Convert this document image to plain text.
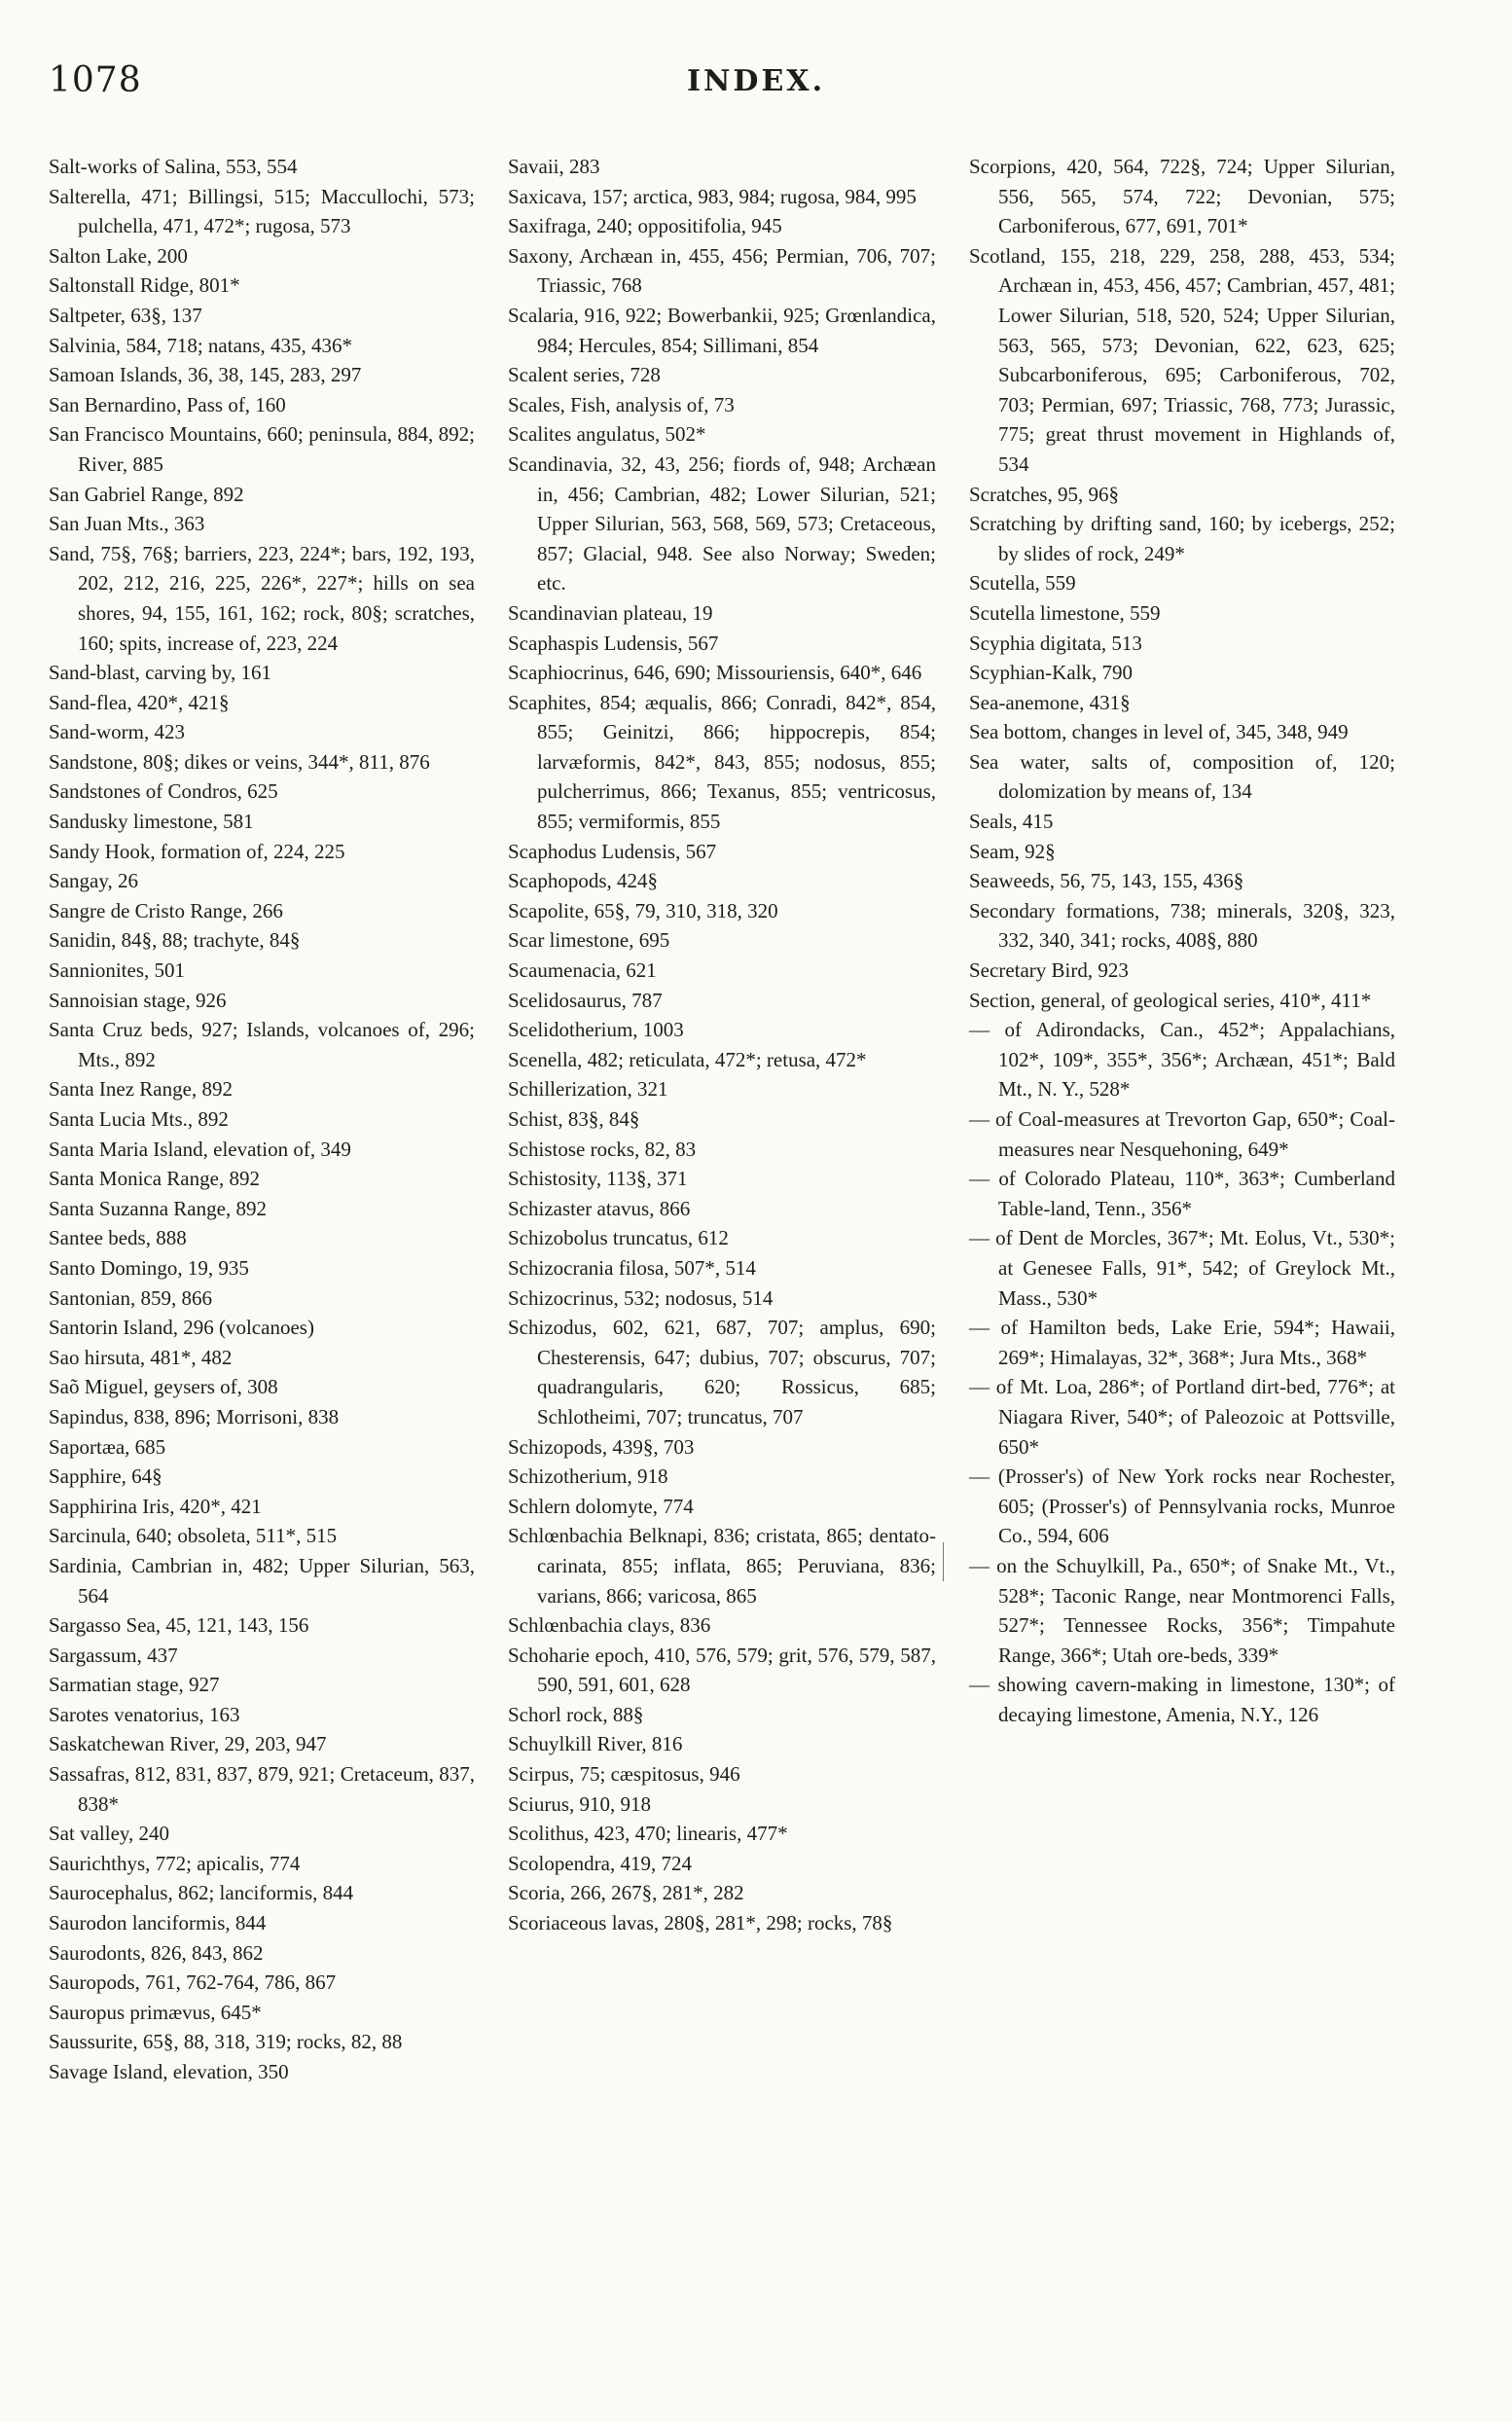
1078	INDEX.

Salt-works of Salina, 553, 554

Salterella, 471; Billingsi, 515; Maccullochi, 573; pulchella, 471, 472*; rugosa, 573

Salton Lake, 200

Saltonstall Ridge, 801*

Saltpeter, 63§, 137

Salvinia, 584, 718; natans, 435, 436*

Samoan Islands, 36, 38, 145, 283, 297

San Bernardino, Pass of, 160

San Francisco Mountains, 660; peninsula, 884, 892; River, 885

San Gabriel Range, 892

San Juan Mts., 363

Sand, 75§, 76§; barriers, 223, 224*; bars, 192, 193, 202, 212, 216, 225, 226*, 227*; hills on sea shores, 94, 155, 161, 162; rock, 80§; scratches, 160; spits, increase of, 223, 224

Sand-blast, carving by, 161

Sand-flea, 420*, 421§

Sand-worm, 423

Sandstone, 80§; dikes or veins, 344*, 811, 876

Sandstones of Condros, 625

Sandusky limestone, 581

Sandy Hook, formation of, 224, 225

Sangay, 26

Sangre de Cristo Range, 266

Sanidin, 84§, 88; trachyte, 84§

Sannionites, 501

Sannoisian stage, 926

Santa Cruz beds, 927; Islands, volcanoes of, 296; Mts., 892

Santa Inez Range, 892

Santa Lucia Mts., 892

Santa Maria Island, elevation of, 349

Santa Monica Range, 892

Santa Suzanna Range, 892

Santee beds, 888

Santo Domingo, 19, 935

Santonian, 859, 866

Santorin Island, 296 (volcanoes)

Sao hirsuta, 481*, 482

Saõ Miguel, geysers of, 308

Sapindus, 838, 896; Morrisoni, 838

Saportæa, 685

Sapphire, 64§

Sapphirina Iris, 420*, 421

Sarcinula, 640; obsoleta, 511*, 515

Sardinia, Cambrian in, 482; Upper Silurian, 563, 564

Sargasso Sea, 45, 121, 143, 156

Sargassum, 437

Sarmatian stage, 927

Sarotes venatorius, 163

Saskatchewan River, 29, 203, 947

Sassafras, 812, 831, 837, 879, 921; Cretaceum, 837, 838*

Sat valley, 240

Saurichthys, 772; apicalis, 774

Saurocephalus, 862; lanciformis, 844

Saurodon lanciformis, 844

Saurodonts, 826, 843, 862

Sauropods, 761, 762-764, 786, 867

Sauropus primævus, 645*

Saussurite, 65§, 88, 318, 319; rocks, 82, 88

Savage Island, elevation, 350

Savaii, 283

Saxicava, 157; arctica, 983, 984; rugosa, 984, 995

Saxifraga, 240; oppositifolia, 945

Saxony, Archæan in, 455, 456; Permian, 706, 707; Triassic, 768

Scalaria, 916, 922; Bowerbankii, 925; Grœnlandica, 984; Hercules, 854; Sillimani, 854

Scalent series, 728

Scales, Fish, analysis of, 73

Scalites angulatus, 502*

Scandinavia, 32, 43, 256; fiords of, 948; Archæan in, 456; Cambrian, 482; Lower Silurian, 521; Upper Silurian, 563, 568, 569, 573; Cretaceous, 857; Glacial, 948. See also Norway; Sweden; etc.

Scandinavian plateau, 19

Scaphaspis Ludensis, 567

Scaphiocrinus, 646, 690; Missouriensis, 640*, 646

Scaphites, 854; æqualis, 866; Conradi, 842*, 854, 855; Geinitzi, 866; hippocrepis, 854; larvæformis, 842*, 843, 855; nodosus, 855; pulcherrimus, 866; Texanus, 855; ventricosus, 855; vermiformis, 855

Scaphodus Ludensis, 567

Scaphopods, 424§

Scapolite, 65§, 79, 310, 318, 320

Scar limestone, 695

Scaumenacia, 621

Scelidosaurus, 787

Scelidotherium, 1003

Scenella, 482; reticulata, 472*; retusa, 472*

Schillerization, 321

Schist, 83§, 84§

Schistose rocks, 82, 83

Schistosity, 113§, 371

Schizaster atavus, 866

Schizobolus truncatus, 612

Schizocrania filosa, 507*, 514

Schizocrinus, 532; nodosus, 514

Schizodus, 602, 621, 687, 707; amplus, 690; Chesterensis, 647; dubius, 707; obscurus, 707; quadrangularis, 620; Rossicus, 685; Schlotheimi, 707; truncatus, 707

Schizopods, 439§, 703

Schizotherium, 918

Schlern dolomyte, 774

Schlœnbachia Belknapi, 836; cristata, 865; dentato-carinata, 855; inflata, 865; Peruviana, 836; varians, 866; varicosa, 865

Schlœnbachia clays, 836

Schoharie epoch, 410, 576, 579; grit, 576, 579, 587, 590, 591, 601, 628

Schorl rock, 88§

Schuylkill River, 816

Scirpus, 75; cæspitosus, 946

Sciurus, 910, 918

Scolithus, 423, 470; linearis, 477*

Scolopendra, 419, 724

Scoria, 266, 267§, 281*, 282

Scoriaceous lavas, 280§, 281*, 298; rocks, 78§

Scorpions, 420, 564, 722§, 724; Upper Silurian, 556, 565, 574, 722; Devonian, 575; Carboniferous, 677, 691, 701*

Scotland, 155, 218, 229, 258, 288, 453, 534; Archæan in, 453, 456, 457; Cambrian, 457, 481; Lower Silurian, 518, 520, 524; Upper Silurian, 563, 565, 573; Devonian, 622, 623, 625; Subcarboniferous, 695; Carboniferous, 702, 703; Permian, 697; Triassic, 768, 773; Jurassic, 775; great thrust movement in Highlands of, 534

Scratches, 95, 96§

Scratching by drifting sand, 160; by icebergs, 252; by slides of rock, 249*

Scutella, 559

Scutella limestone, 559

Scyphia digitata, 513

Scyphian-Kalk, 790

Sea-anemone, 431§

Sea bottom, changes in level of, 345, 348, 949

Sea water, salts of, composition of, 120; dolomization by means of, 134

Seals, 415

Seam, 92§

Seaweeds, 56, 75, 143, 155, 436§

Secondary formations, 738; minerals, 320§, 323, 332, 340, 341; rocks, 408§, 880

Secretary Bird, 923

Section, general, of geological series, 410*, 411*

— of Adirondacks, Can., 452*; Appalachians, 102*, 109*, 355*, 356*; Archæan, 451*; Bald Mt., N. Y., 528*

— of Coal-measures at Trevorton Gap, 650*; Coal-measures near Nesquehoning, 649*

— of Colorado Plateau, 110*, 363*; Cumberland Table-land, Tenn., 356*

— of Dent de Morcles, 367*; Mt. Eolus, Vt., 530*; at Genesee Falls, 91*, 542; of Greylock Mt., Mass., 530*

— of Hamilton beds, Lake Erie, 594*; Hawaii, 269*; Himalayas, 32*, 368*; Jura Mts., 368*

— of Mt. Loa, 286*; of Portland dirt-bed, 776*; at Niagara River, 540*; of Paleozoic at Pottsville, 650*

— (Prosser's) of New York rocks near Rochester, 605; (Prosser's) of Pennsylvania rocks, Munroe Co., 594, 606

— on the Schuylkill, Pa., 650*; of Snake Mt., Vt., 528*; Taconic Range, near Montmorenci Falls, 527*; Tennessee Rocks, 356*; Timpahute Range, 366*; Utah ore-beds, 339*

— showing cavern-making in limestone, 130*; of decaying limestone, Amenia, N.Y., 126
